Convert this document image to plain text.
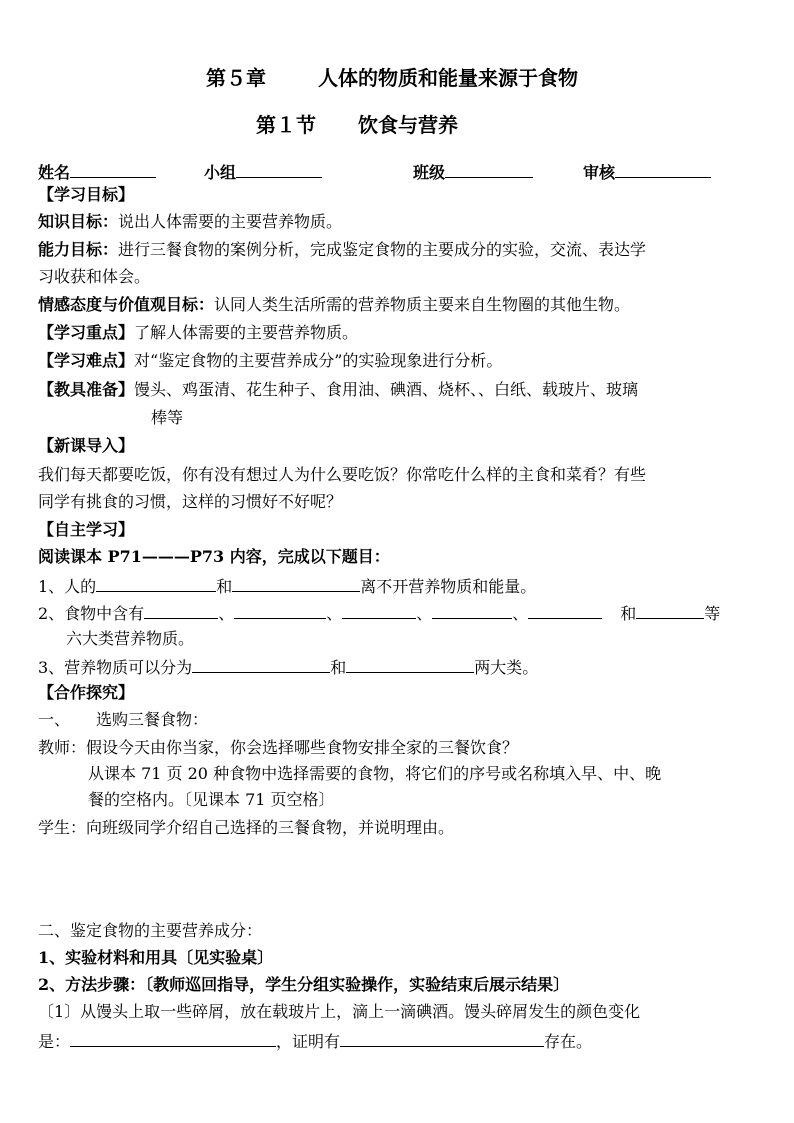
第５章	人体的物质和能量来源于食物
第１节 饮食与营养
姓名	小组	班级	审核
【学习目标】
知识目标：说出人体需要的主要营养物质。
能力目标：进行三餐食物的案例分析，完成鉴定食物的主要成分的实验，交流、表达学
习收获和体会。
情感态度与价值观目标：认同人类生活所需的营养物质主要来自生物圈的其他生物。
【学习重点】了解人体需要的主要营养物质。
【学习难点】对“鉴定食物的主要营养成分”的实验现象进行分析。
【教具准备】馒头、鸡蛋清、花生种子、食用油、碘酒、烧杯、、白纸、载玻片、玻璃
棒等
【新课导入】
我们每天都要吃饭，你有没有想过人为什么要吃饭？你常吃什么样的主食和菜肴？有些
同学有挑食的习惯，这样的习惯好不好呢？
【自主学习】
阅读课本 P71———P73 内容，完成以下题目：
1、人的	和	离不开营养物质和能量。
2、食物中含有	、	、	、	、	和	等
六大类营养物质。
3、营养物质可以分为	和	两大类。
【合作探究】
一、 选购三餐食物：
教师：假设今天由你当家，你会选择哪些食物安排全家的三餐饮食？
从课本 71 页 20 种食物中选择需要的食物，将它们的序号或名称填入早、中、晚
餐的空格内。〔见课本 71 页空格〕
学生：向班级同学介绍自己选择的三餐食物，并说明理由。
二、鉴定食物的主要营养成分：
1、实验材料和用具〔见实验桌〕
2、方法步骤：〔教师巡回指导，学生分组实验操作，实验结束后展示结果〕
〔1〕从馒头上取一些碎屑，放在载玻片上，滴上一滴碘酒。馒头碎屑发生的颜色变化
是：	，证明有	存在。
